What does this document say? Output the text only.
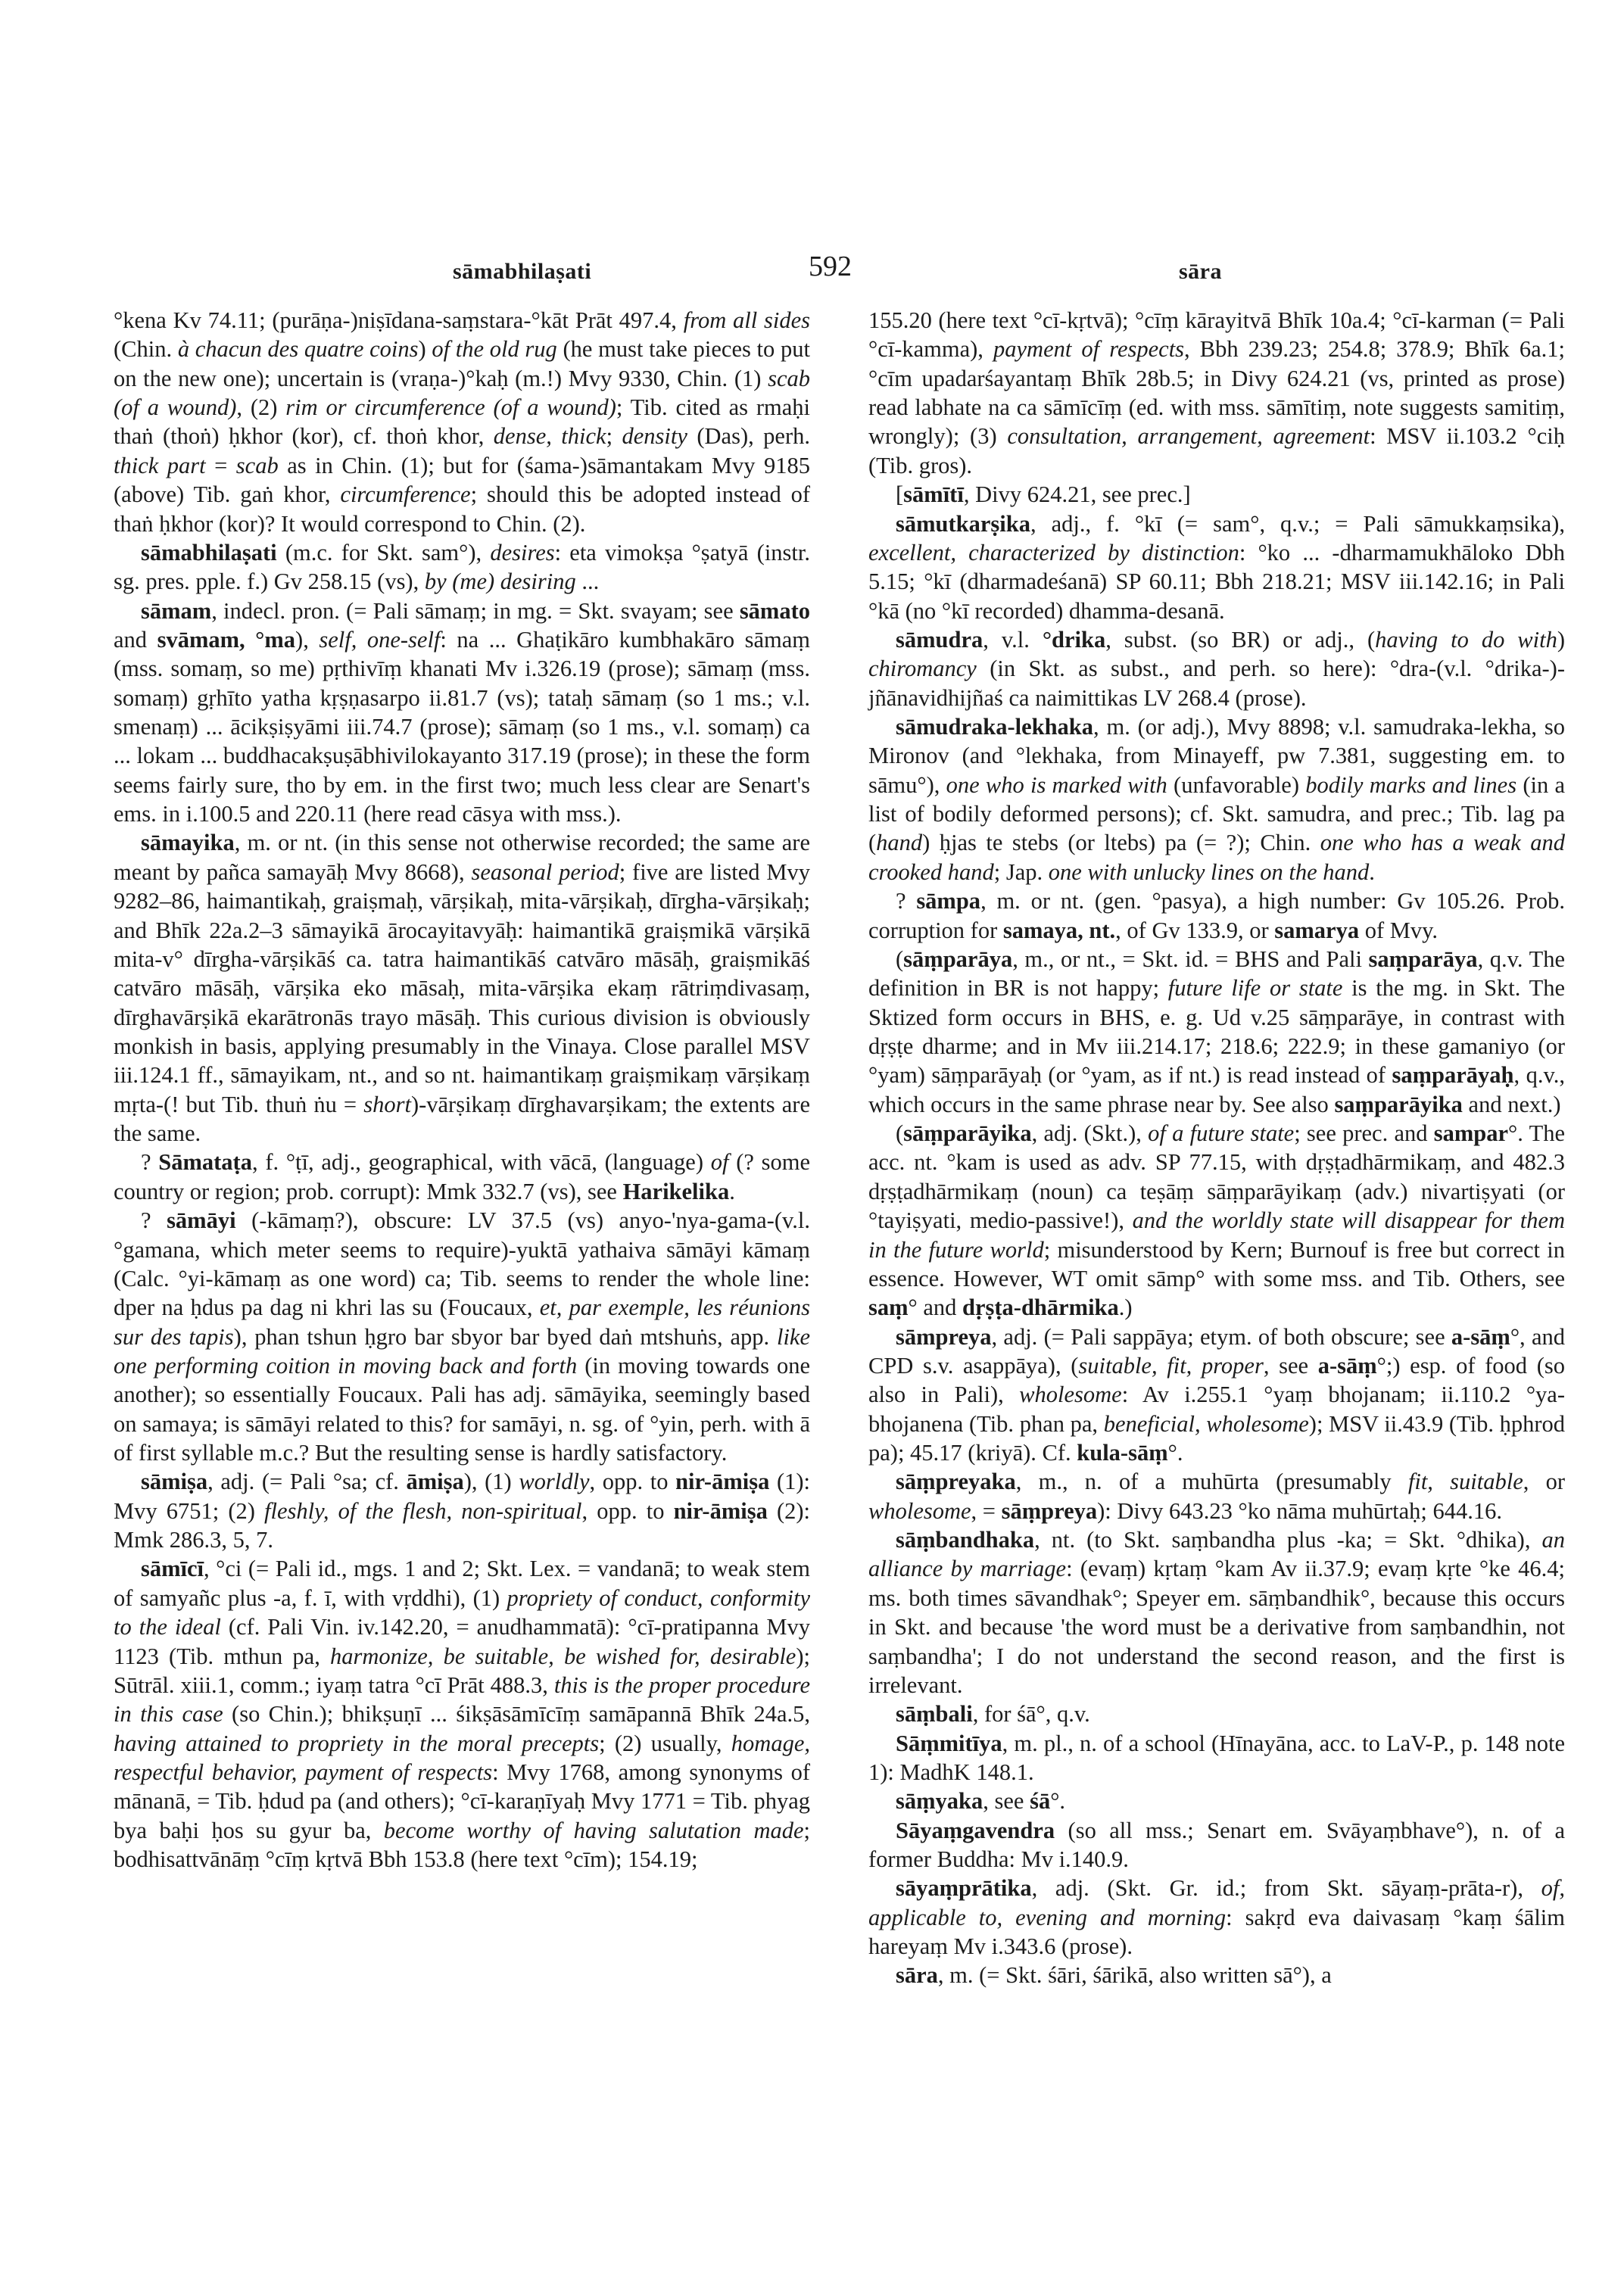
sāmabhilaṣati	592	sāra

°kena Kv 74.11; (purāṇa-)niṣīdana-saṃstara-°kāt Prāt 497.4, from all sides (Chin. à chacun des quatre coins) of the old rug (he must take pieces to put on the new one); uncertain is (vraṇa-)°kaḥ (m.!) Mvy 9330, Chin. (1) scab (of a wound), (2) rim or circumference (of a wound); Tib. cited as rmaḥi thaṅ (thoṅ) ḥkhor (kor), cf. thoṅ khor, dense, thick; density (Das), perh. thick part = scab as in Chin. (1); but for (śama-)sāmantakam Mvy 9185 (above) Tib. gaṅ khor, circumference; should this be adopted instead of thaṅ ḥkhor (kor)? It would correspond to Chin. (2).

sāmabhilaṣati (m.c. for Skt. sam°), desires: eta vimokṣa °ṣatyā (instr. sg. pres. pple. f.) Gv 258.15 (vs), by (me) desiring ...

sāmam, indecl. pron. (= Pali sāmaṃ; in mg. = Skt. svayam; see sāmato and svāmam, °ma), self, one-self: na ... Ghaṭikāro kumbhakāro sāmaṃ (mss. somaṃ, so me) pṛthivīṃ khanati Mv i.326.19 (prose); sāmaṃ (mss. somaṃ) gṛhīto yatha kṛṣṇasarpo ii.81.7 (vs); tataḥ sāmaṃ (so 1 ms.; v.l. smenaṃ) ... ācikṣiṣyāmi iii.74.7 (prose); sāmaṃ (so 1 ms., v.l. somaṃ) ca ... lokam ... buddhacakṣuṣābhivilokayanto 317.19 (prose); in these the form seems fairly sure, tho by em. in the first two; much less clear are Senart's ems. in i.100.5 and 220.11 (here read cāsya with mss.).

sāmayika, m. or nt. (in this sense not otherwise recorded; the same are meant by pañca samayāḥ Mvy 8668), seasonal period; five are listed Mvy 9282–86, haimantikaḥ, graiṣmaḥ, vārṣikaḥ, mita-vārṣikaḥ, dīrgha-vārṣikaḥ; and Bhīk 22a.2–3 sāmayikā ārocayitavyāḥ: haimantikā graiṣmikā vārṣikā mita-v° dīrgha-vārṣikāś ca. tatra haimantikāś catvāro māsāḥ, graiṣmikāś catvāro māsāḥ, vārṣika eko māsaḥ, mita-vārṣika ekaṃ rātriṃdivasaṃ, dīrghavārṣikā ekarātronās trayo māsāḥ. This curious division is obviously monkish in basis, applying presumably in the Vinaya. Close parallel MSV iii.124.1 ff., sāmayikam, nt., and so nt. haimantikaṃ graiṣmikaṃ vārṣikaṃ mṛta-(! but Tib. thuṅ ṅu = short)-vārṣikaṃ dīrghavarṣikam; the extents are the same.

? Sāmataṭa, f. °ṭī, adj., geographical, with vācā, (language) of (? some country or region; prob. corrupt): Mmk 332.7 (vs), see Harikelika.

? sāmāyi (-kāmaṃ?), obscure: LV 37.5 (vs) anyo-'nya-gama-(v.l. °gamana, which meter seems to require)-yuktā yathaiva sāmāyi kāmaṃ (Calc. °yi-kāmaṃ as one word) ca; Tib. seems to render the whole line: dper na ḥdus pa dag ni khri las su (Foucaux, et, par exemple, les réunions sur des tapis), phan tshun ḥgro bar sbyor bar byed daṅ mtshuṅs, app. like one performing coition in moving back and forth (in moving towards one another); so essentially Foucaux. Pali has adj. sāmāyika, seemingly based on samaya; is sāmāyi related to this? for samāyi, n. sg. of °yin, perh. with ā of first syllable m.c.? But the resulting sense is hardly satisfactory.

sāmiṣa, adj. (= Pali °sa; cf. āmiṣa), (1) worldly, opp. to nir-āmiṣa (1): Mvy 6751; (2) fleshly, of the flesh, non-spiritual, opp. to nir-āmiṣa (2): Mmk 286.3, 5, 7.

sāmīcī, °ci (= Pali id., mgs. 1 and 2; Skt. Lex. = vandanā; to weak stem of samyañc plus -a, f. ī, with vṛddhi), (1) propriety of conduct, conformity to the ideal (cf. Pali Vin. iv.142.20, = anudhammatā): °cī-pratipanna Mvy 1123 (Tib. mthun pa, harmonize, be suitable, be wished for, desirable); Sūtrāl. xiii.1, comm.; iyaṃ tatra °cī Prāt 488.3, this is the proper procedure in this case (so Chin.); bhikṣuṇī ... śikṣāsāmīcīṃ samāpannā Bhīk 24a.5, having attained to propriety in the moral precepts; (2) usually, homage, respectful behavior, payment of respects: Mvy 1768, among synonyms of mānanā, = Tib. ḥdud pa (and others); °cī-karaṇīyaḥ Mvy 1771 = Tib. phyag bya baḥi ḥos su gyur ba, become worthy of having salutation made; bodhisattvānāṃ °cīṃ kṛtvā Bbh 153.8 (here text °cīm); 154.19;

155.20 (here text °cī-kṛtvā); °cīṃ kārayitvā Bhīk 10a.4; °cī-karman (= Pali °cī-kamma), payment of respects, Bbh 239.23; 254.8; 378.9; Bhīk 6a.1; °cīm upadarśayantaṃ Bhīk 28b.5; in Divy 624.21 (vs, printed as prose) read labhate na ca sāmīcīṃ (ed. with mss. sāmītiṃ, note suggests samitiṃ, wrongly); (3) consultation, arrangement, agreement: MSV ii.103.2 °ciḥ (Tib. gros).

[sāmītī, Divy 624.21, see prec.]

sāmutkarṣika, adj., f. °kī (= sam°, q.v.; = Pali sāmukkaṃsika), excellent, characterized by distinction: °ko ... -dharmamukhāloko Dbh 5.15; °kī (dharmadeśanā) SP 60.11; Bbh 218.21; MSV iii.142.16; in Pali °kā (no °kī recorded) dhamma-desanā.

sāmudra, v.l. °drika, subst. (so BR) or adj., (having to do with) chiromancy (in Skt. as subst., and perh. so here): °dra-(v.l. °drika-)-jñānavidhijñaś ca naimittikas LV 268.4 (prose).

sāmudraka-lekhaka, m. (or adj.), Mvy 8898; v.l. samudraka-lekha, so Mironov (and °lekhaka, from Minayeff, pw 7.381, suggesting em. to sāmu°), one who is marked with (unfavorable) bodily marks and lines (in a list of bodily deformed persons); cf. Skt. samudra, and prec.; Tib. lag pa (hand) ḥjas te stebs (or ltebs) pa (= ?); Chin. one who has a weak and crooked hand; Jap. one with unlucky lines on the hand.

? sāmpa, m. or nt. (gen. °pasya), a high number: Gv 105.26. Prob. corruption for samaya, nt., of Gv 133.9, or samarya of Mvy.

(sāṃparāya, m., or nt., = Skt. id. = BHS and Pali saṃparāya, q.v. The definition in BR is not happy; future life or state is the mg. in Skt. The Sktized form occurs in BHS, e. g. Ud v.25 sāṃparāye, in contrast with dṛṣṭe dharme; and in Mv iii.214.17; 218.6; 222.9; in these gamaniyo (or °yam) sāṃparāyaḥ (or °yam, as if nt.) is read instead of saṃparāyaḥ, q.v., which occurs in the same phrase near by. See also saṃparāyika and next.)

(sāṃparāyika, adj. (Skt.), of a future state; see prec. and sampar°. The acc. nt. °kam is used as adv. SP 77.15, with dṛṣṭadhārmikaṃ, and 482.3 dṛṣṭadhārmikaṃ (noun) ca teṣāṃ sāṃparāyikaṃ (adv.) nivartiṣyati (or °tayiṣyati, medio-passive!), and the worldly state will disappear for them in the future world; misunderstood by Kern; Burnouf is free but correct in essence. However, WT omit sāmp° with some mss. and Tib. Others, see saṃ° and dṛṣṭa-dhārmika.)

sāmpreya, adj. (= Pali sappāya; etym. of both obscure; see a-sāṃ°, and CPD s.v. asappāya), (suitable, fit, proper, see a-sāṃ°;) esp. of food (so also in Pali), wholesome: Av i.255.1 °yaṃ bhojanam; ii.110.2 °ya-bhojanena (Tib. phan pa, beneficial, wholesome); MSV ii.43.9 (Tib. ḥphrod pa); 45.17 (kriyā). Cf. kula-sāṃ°.

sāṃpreyaka, m., n. of a muhūrta (presumably fit, suitable, or wholesome, = sāṃpreya): Divy 643.23 °ko nāma muhūrtaḥ; 644.16.

sāṃbandhaka, nt. (to Skt. saṃbandha plus -ka; = Skt. °dhika), an alliance by marriage: (evaṃ) kṛtaṃ °kam Av ii.37.9; evaṃ kṛte °ke 46.4; ms. both times sāvandhak°; Speyer em. sāṃbandhik°, because this occurs in Skt. and because 'the word must be a derivative from saṃbandhin, not saṃbandha'; I do not understand the second reason, and the first is irrelevant.

sāṃbali, for śā°, q.v.

Sāṃmitīya, m. pl., n. of a school (Hīnayāna, acc. to LaV-P., p. 148 note 1): MadhK 148.1.

sāṃyaka, see śā°.

Sāyaṃgavendra (so all mss.; Senart em. Svāyaṃbhave°), n. of a former Buddha: Mv i.140.9.

sāyaṃprātika, adj. (Skt. Gr. id.; from Skt. sāyaṃ-prāta-r), of, applicable to, evening and morning: sakṛd eva daivasaṃ °kaṃ śālim hareyaṃ Mv i.343.6 (prose).

sāra, m. (= Skt. śāri, śārikā, also written sā°), a
